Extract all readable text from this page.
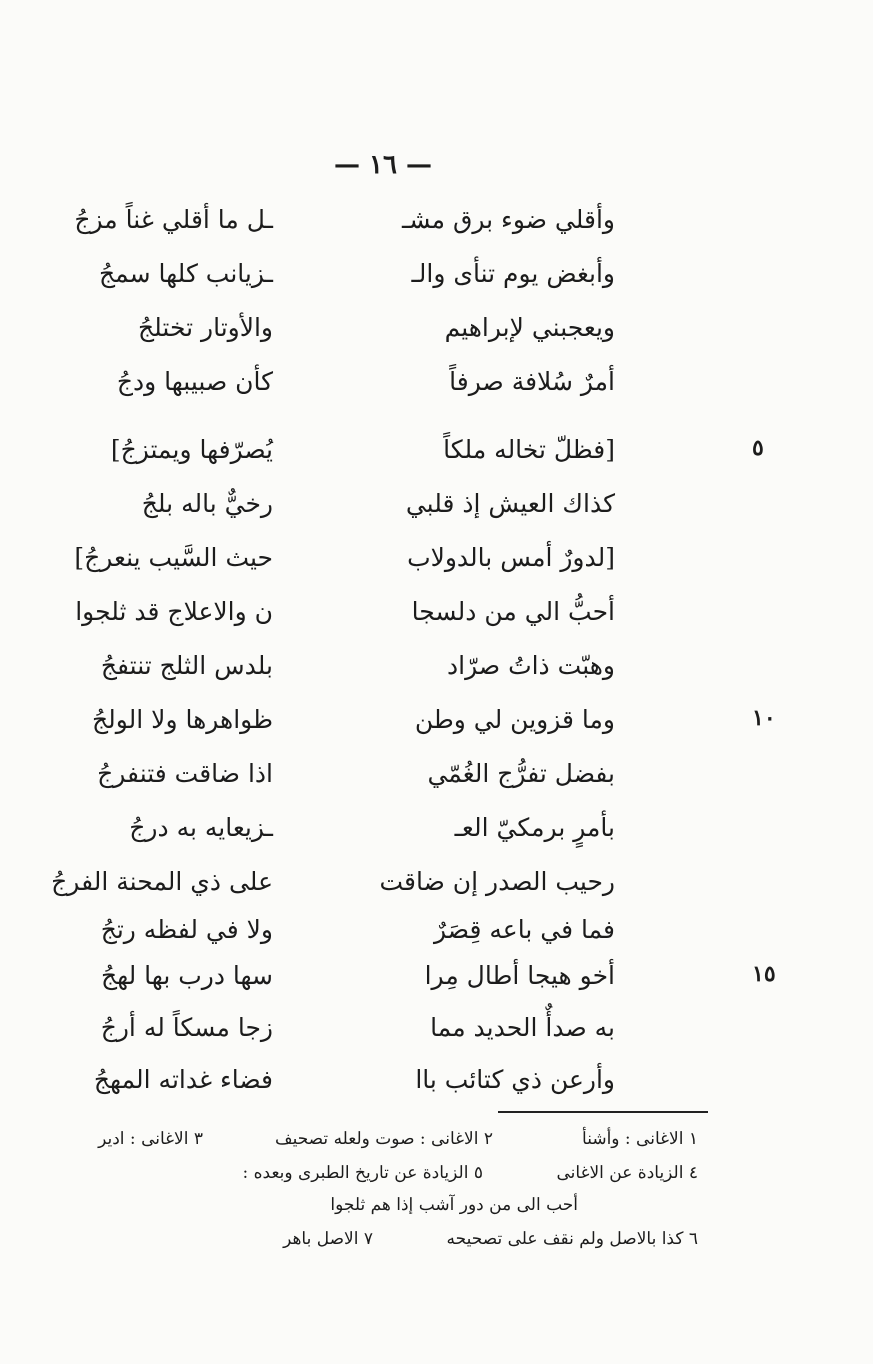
— ١٦ —
وأقلي ضوء برق مشـ
ـل ما أقلي غناً مزجُ
وأبغض يوم تنأى والـ
ـزيانب كلها سمجُ
ويعجبني لإبراهيم
والأوتار تختلجُ
أمرٌ سُلافة صرفاً
كأن صبيبها ودجُ
[فظلّ تخاله ملكاً
يُصرّفها ويمتزجُ]	٥
كذاك العيش إذ قلبي
رخيٌّ باله بلجُ
[لدورٌ أمس بالدولاب
حيث السَّيب ينعرجُ]
أحبُّ الي من دلسجا
ن والاعلاج قد ثلجوا
وهبّت ذاتُ صرّاد
بلدس الثلج تنتفجُ
وما قزوين لي وطن
ظواهرها ولا الولجُ	١٠
بفضل تفرُّج الغُمّي
اذا ضاقت فتنفرجُ
بأمرٍ برمكيّ العـ
ـزيعايه به درجُ
رحيب الصدر إن ضاقت
على ذي المحنة الفرجُ
فما في باعه قِصَرٌ
ولا في لفظه رتجُ
أخو هيجا أطال مِرا
سها درب بها لهجُ	١٥
به صدأٌ الحديد مما
زجا مسكاً له أرجُ
وأرعن ذي كتائب باا
فضاء غداته المهجُ
١ الاغانى : وأشنأ
٢ الاغانى : صوت ولعله تصحيف
٣ الاغانى : ادير
٤ الزيادة عن الاغانى
٥ الزيادة عن تاريخ الطبرى وبعده :
أحب الى من دور آشب إذا هم ثلجوا
٦ كذا بالاصل ولم نقف على تصحيحه
٧ الاصل باهر
